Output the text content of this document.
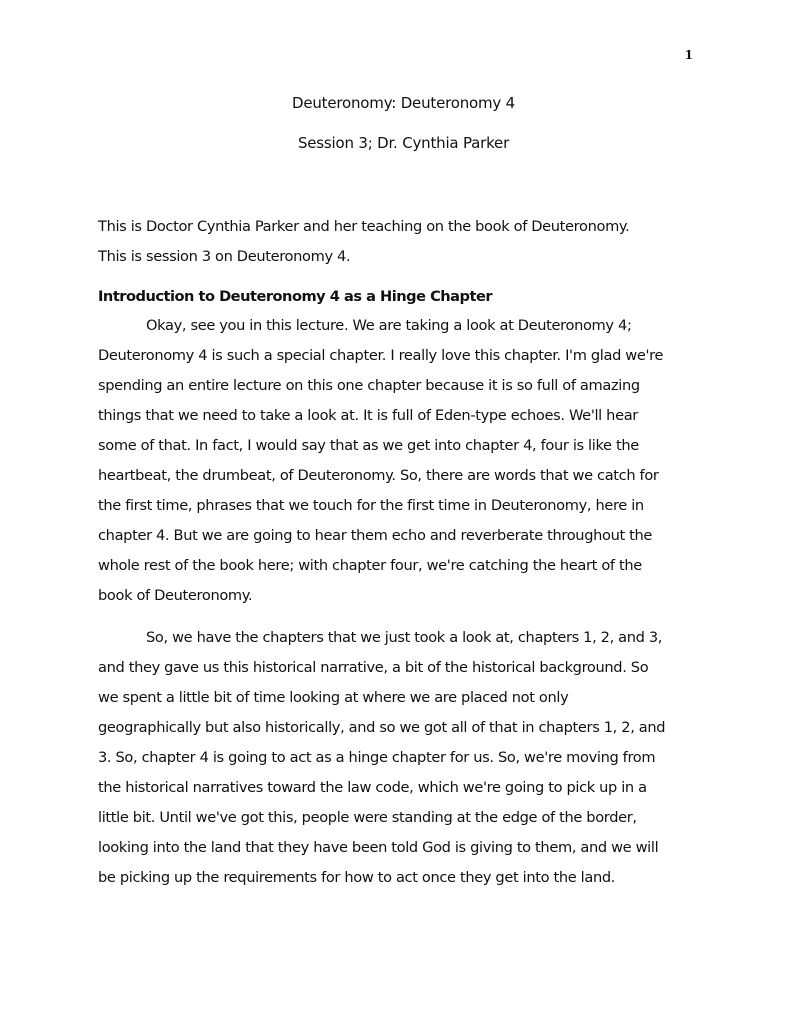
1
Deuteronomy: Deuteronomy 4
Session 3; Dr. Cynthia Parker
This is Doctor Cynthia Parker and her teaching on the book of Deuteronomy.
This is session 3 on Deuteronomy 4.
Introduction to Deuteronomy 4 as a Hinge Chapter
Okay, see you in this lecture. We are taking a look at Deuteronomy 4;
Deuteronomy 4 is such a special chapter. I really love this chapter. I'm glad we're
spending an entire lecture on this one chapter because it is so full of amazing
things that we need to take a look at. It is full of Eden-type echoes. We'll hear
some of that. In fact, I would say that as we get into chapter 4, four is like the
heartbeat, the drumbeat, of Deuteronomy. So, there are words that we catch for
the first time, phrases that we touch for the first time in Deuteronomy, here in
chapter 4. But we are going to hear them echo and reverberate throughout the
whole rest of the book here; with chapter four, we're catching the heart of the
book of Deuteronomy.
So, we have the chapters that we just took a look at, chapters 1, 2, and 3,
and they gave us this historical narrative, a bit of the historical background. So
we spent a little bit of time looking at where we are placed not only
geographically but also historically, and so we got all of that in chapters 1, 2, and
3. So, chapter 4 is going to act as a hinge chapter for us. So, we're moving from
the historical narratives toward the law code, which we're going to pick up in a
little bit. Until we've got this, people were standing at the edge of the border,
looking into the land that they have been told God is giving to them, and we will
be picking up the requirements for how to act once they get into the land.
